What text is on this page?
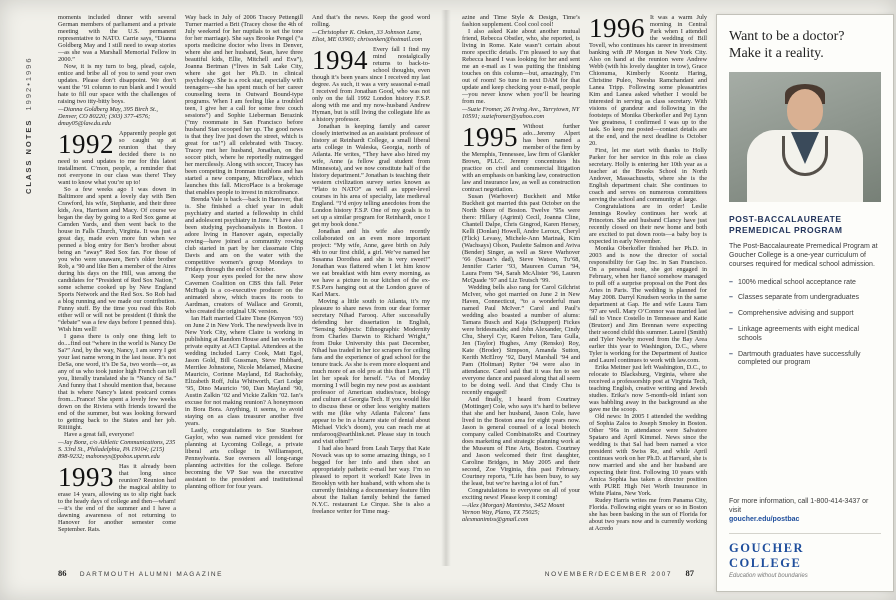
CLASS NOTES  1992•1996

moments included dinner with several German members of parliament and a private meeting with the U.S. permanent representative to NATO. Carrie says, “Dianna Goldberg May and I still need to swap stories—as she was a Marshall Memorial Fellow in 2000.”

Now, it is my turn to beg, plead, cajole, entice and bribe all of you to send your own updates. Please don’t disappoint. We don’t want the ’91 column to run blank and I would hate to fill our space with the challenges of raising two itty-bitty boys.

—Dianna Goldberg May, 395 Birch St., Denver, CO 80220; (303) 377-4576; dmay05@law.du.edu

1992 Apparently people got so caught up at reunion that they decided there is no need to send updates to me for this latest installment. C’mon, people, a reminder that not everyone in our class was there! They want to know what you’re up to!

So a few weeks ago I was down in Baltimore and spent a lovely day with Ben Crawford, his wife, Stephanie, and their three kids, Ava, Harrison and Macy. Of course we began the day by going to a Red Sox game at Camden Yards, and then went back to the house in Falls Church, Virginia. It was just a great day, made even more fun when we penned a blog entry for Ben’s brother about being an “away” Red Sox fan. For those of you who were unaware, Ben’s older brother Rob, a ’90 and like Ben a member of the Aires during his days on the Hill, was among the candidates for “President of Red Sox Nation,” some scheme cooked up by New England Sports Network and the Red Sox. So Rob had a blog running and we made our contribution. Funny stuff. By the time you read this Rob either will or will not be president (I think the “debate” was a few days before I penned this). Wish him well!

I guess there is only one thing left to do....find out “where in the world is Nancy De Sa?” And, by the way, Nancy, I am sorry I got your last name wrong in the last issue. It’s not DeSa, one word, it’s De Sa, two words—or, as any of us who took junior high French can tell you, literally translated she is “Nancy of Sa.” And funny that I should mention that, because that is where Nancy’s latest postcard comes from....France! She spent a lovely few weeks down on the Riviera with friends toward the end of the summer, but was looking forward to getting back to the States and her job. Riiiiiight.

Have a great fall, everyone!

—Jay Bonz, c/o Athletic Communications, 235 S. 33rd St., Philadelphia, PA 19104; (215) 898-9232; mahoneys@pobox.upenn.edu

1993 Has it already been that long since reunion? Reunion had the magical ability to erase 14 years, allowing us to slip right back to the heady days of college and then—wham!—it’s the end of the summer and I have a dawning awareness of not returning to Hanover for another semester come September. Rats.

Way back in July of 2006 Tracey Pettengill Turner married a Brit (Tracey chose the 4th of July weekend for her nuptials to set the tone for her marriage). She says Brooke Pengel (“a sports medicine doctor who lives in Denver, where she and her husband, Sean, have three beautiful kids, Ellie, Mitchell and Eva”), Joanna Bertman (“lives in Salt Lake City, where she got her Ph.D. in clinical psychology. She is a rock star, especially with teenagers—she has spent much of her career counseling teens in Outward Bound-type programs. When I am feeling like a troubled teen, I give her a call for some free couch sessions”) and Sophie Lieberman Berazink (“my roommate in San Francisco before husband Stan scooped her up. The good news is that they live just down the street, which is great for us!”) all celebrated with Tracey. Tracey met her husband, Jonathan, on the soccer pitch, where he reportedly nutmegged her mercilessly. Along with soccer, Tracey has been competing in Ironman triathlons and has started a new company, MicroPlace, which launches this fall. MicroPlace is a brokerage that enables people to invest in microfinance.

Brenda Vale is back—back in Hanover, that is. She finished a chief year in adult psychiatry and started a fellowship in child and adolescent psychiatry in June. “I have also been studying psychoanalysis in Boston. I adore living in Hanover again, especially rowing—have joined a community rowing club started in part by her classmate Chip Davis and am on the water with the competitive women’s group Mondays to Fridays through the end of October.

Keep your eyes peeled for the new show Cavemen Coalition on CBS this fall. Peter McHugh is a co-executive producer on the animated show, which traces its roots to Aardman, creators of Wallace and Gromit, who created the original UK version.

Ian Haft married Claire Tisne (Kenyon ’93) on June 2 in New York. The newlyweds live in New York City, where Claire is working in publishing at Random House and Ian works in private equity at ACI Capital. Attendees at the wedding included Larry Cook, Matt Egol, Jason Gold, Bill Gussman, Steve Hubbard, Merrilee Johnstone, Nicole Melamed, Maxine Mauricio, Corinne Mayland, Ed Rachofsky, Elizabeth Roff, Julia Whitworth, Cari Lodge ’95, Dino Mauricio ’90, Dan Mayland ’90, Austin Zalkin ’02 and Vickie Zalkin ’02. Ian’s excuse for not making reunion? A honeymoon in Bora Bora. Anything, it seems, to avoid staying on as class treasurer another five years.

Lastly, congratulations to Sue Stuebner Gaylor, who was named vice president for planning at Lycoming College, a private liberal arts college in Williamsport, Pennsylvania. Sue oversees all long-range planning activities for the college. Before becoming the VP Sue was the executive assistant to the president and institutional planning officer for four years.

And that’s the news. Keep the good word rolling.

—Christopher K. Onken, 33 Johnson Lane, Eliot, ME 03903; chrisonken@hotmail.com

1994 Every fall I find my mind nostalgically returns to back-to-school thoughts, even though it’s been years since I received my last degree. As such, it was a very seasonal e-mail I received from Jonathan Good, who was not only on the fall 1992 London history F.S.P. along with me and my now-husband Andrew Hyman, but is still living the collegiate life as a history professor.

Jonathan is keeping family and career closely intertwined as an assistant professor of history at Reinhardt College, a small liberal arts college in Waleska, Georgia, north of Atlanta. He writes, “They have also hired my wife, Anne (a fellow grad student from Minnesota), and we now constitute half of the history department.” Jonathan is teaching their western civilization survey series known as “Plato to NATO” as well as upper-level courses in his area of specialty, late medieval England. “I’d enjoy telling anecdotes from the London history F.S.P. One of my goals is to set up a similar program for Reinhardt, once I get my book done.”

Jonathan and his wife also recently collaborated on an even more important project: “My wife, Anne, gave birth on July 4th to our first child, a girl. We’ve named her Susanna Dorothea and she is very sweet!” Jonathan was flattered when I let him know we eat breakfast with him every morning, as we have a picture in our kitchen of the ex-F.S.P.ers hanging out at the London grave of Karl Marx.

Moving a little south to Atlanta, it’s my pleasure to share news from our dear former secretary Nihad Farooq. After successfully defending her dissertation in English, “Sensing Subjects: Ethnographic Modernity from Charles Darwin to Richard Wright,” from Duke University this past December, Nihad has traded in her ice scrapers for ceiling fans and the experience of grad school for the tenure track. As she is even more eloquent and much more of an old pro at this than I am, I’ll let her speak for herself. “As of Monday morning I will begin my new post as assistant professor of American studies/race, biology and culture at Georgia Tech. If you would like to discuss these or other less weighty matters with me (like why Atlanta Falcons’ fans appear to be in a bizarre state of denial about Michael Vick’s doom), you can reach me at nmfarooq@earthlink.net. Please stay in touch and visit often!”

I had also heard from Leah Tarpy that Kate Novack was up to some amazing things, so I begged for her info and then shot an appropriately pathetic e-mail her way. I’m so pleased to report it worked! Kate lives in Brooklyn with her husband, with whom she is currently finishing a documentary feature film about the Italian family behind the famed N.Y.C. restaurant Le Cirque. She is also a freelance writer for Time mag-

azine and Time Style & Design, Time’s fashion supplement. Cool cool cool!

I also asked Kate about another mutual friend, Rebecca Obstler, who, she reported, is living in Rome. Kate wasn’t certain about more specific details. I’m pleased to say that Rebecca heard I was looking for her and sent me an e-mail as I was putting the finishing touches on this column—but, amazingly, I’m out of room! So tune in next DAM for that update and keep checking your e-mail, people—you never know when you’ll be hearing from me.

—Suzie Fromer, 26 Irving Ave., Tarrytown, NY 10591; suziefromer@yahoo.com

1995 Without further ado...Jeremy Alpert has been named a member of the firm by the Memphis, Tennessee, law firm of Glankler Brown, PLLC. Jeremy concentrates his practice on civil and commercial litigation with an emphasis on banking law, construction law and insurance law, as well as construction contract negotiation.

Susan (Warhover) Buckheit and Mike Buckheit got married this past October on the North Shore of Boston. Twelve ’95s were there: Hillary (Agrimi) Cecil, Joanna Cline, Chantell Dalpe, Chris Gingrod, Karen Hersey, Kelli (Donlan) Howell, Andre Leroux, Cheryl (Flick) Levasy, Michele-Ann Marinak, Kim (Wachsays) Olson, Paulette Salmon and Aviva (Bender) Singer, as well as Steve Warhover ’66 (Susan’s dad), Steve Watson, Tu’68, Jennifer Carter ’93, Maureen Curran ’94, Laura Frem ’94, Sarah McAlister ’96, Lauren McQuade ’97 and Liz Teutsch ’99.

Wedding bells also rang for Carol Gilchrist McIver, who got married on June 2 in New Haven, Connecticut, “to a wonderful man named Paul McIver.” Carol and Paul’s wedding also boasted a number of alums: Tamara Busch and Kaja (Schuppert) Fickes were bridesmaids; and John Alexander, Cindy Chu, Sheryl Cyr, Karen Felton, Tara Gulla, Jen (Taylor) Hughes, Amy (Rensko) Roy, Kate (Broder) Simpson, Amanda Sutton, Kerith McElroy ’92, Daryl Marshall ’94 and Pam (Holtman) Rytter ’94 were also in attendance. Carol said that it was fun to see everyone dance and passed along that all seem to be doing well. And that Cindy Chu is recently engaged!

And finally, I heard from Courtney (Mottinger) Cole, who says it’s hard to believe that she and her husband, Jason Cole, have lived in the Boston area for eight years now. Jason is general counsel of a local biotech company called CombinatoRx and Courtney does marketing and strategic planning work at the Museum of Fine Arts, Boston. Courtney and Jason welcomed their first daughter, Caroline Bridges, in May 2005 and their second, Zoe Virginia, this past February. Courtney reports, “Life has been busy, to say the least, but we’re having a lot of fun.”

Congratulations to everyone on all of your exciting news! Please keep it coming!

—Alex (Morgan) Manimiss, 3452 Mount Vernon Way, Plano, TX 75025; alexmanimiss@gmail.com

1996 It was a warm July morning in Central Park when I attended the wedding of Bill Tovell, who continues his career in investment banking with JP Morgan in New York City. Also on hand at the reunion were Andrew Webb (with his lovely daughter in tow), Grace Chionuma, Kimberly Koontz Haring, Christine Puleo, Neesha Ramchandani and Lanea Tripp. Following some pleasantries Kim and Lanea asked whether I would be interested in serving as class secretary. With visions of grandeur and following in the footsteps of Monika Oberkofler and Pej Lynn Yee greatness, I confirmed I was up to the task. So keep me posted—contact details are at the end, and the next deadline is October 20.

First, let me start with thanks to Holly Parker for her service in this role as class secretary. Holly is entering her 10th year as a teacher at the Brooks School in North Andover, Massachusetts, where she is the English department chair. She continues to coach and serves on numerous committees serving the school and community at large.

Congratulations are in order! Leslie Jennings Rowley continues her work at Princeton. She and husband Clancy have just recently closed on their new home and both are excited to put down roots—a baby boy is expected in early November.

Monika Oberkofler finished her Ph.D. in 2003 and is now the director of social responsibility for Gap Inc. in San Francisco. On a personal note, she got engaged in February, when her fiancé somehow managed to pull off a surprise proposal on the Pont des Artes in Paris. The wedding is planned for May 2008. Darryl Knudsen works in the same department at Gap. He and wife Laura Tam ’97 are well. Mary O’Connor was married last fall to Vince Costello in Tennessee and Katie (Brutzer) and Jim Brennan were expecting their second child this summer. Laurel (Smith) and Tyler Newby moved from the Bay Area earlier this year to Washington, D.C., where Tyler is working for the Department of Justice and Laurel continues to work with law.com.

Erika Meitner just left Washington, D.C., to relocate to Blacksburg, Virginia, where she received a professorship post at Virginia Tech, teaching English, creative writing and Jewish studies. Erika’s now 5-month-old infant son was babbling away in the background as she gave me the scoop.

Old news: In 2005 I attended the wedding of Sophia Zalos to Joseph Smoley in Boston. Other ’96s in attendance were Salvatore Spataro and April Kimmel. News since the wedding is that Sal had been named a vice president with Swiss Re, and while April continues work on her Ph.D. at Harvard, she is now married and she and her husband are expecting their first. Following 10 years with Amica Sophia has taken a director position with PURE High Net Worth Insurance in White Plains, New York.

Rudey Harris writes me from Panama City, Florida. Following eight years or so in Boston she has been basking in the sun of Florida for about two years now and is currently working at Acredo

Want to be a doctor?
Make it a reality.
POST-BACCALAUREATE PREMEDICAL PROGRAM

The Post-Baccalaureate Premedical Program at Goucher College is a one-year curriculum of courses required for medical school admission.

– 100% medical school acceptance rate
– Classes separate from undergraduates
– Comprehensive advising and support
– Linkage agreements with eight medical schools
– Dartmouth graduates have successfully completed our program
For more information, call 1-800-414-3437 or visit
goucher.edu/postbac
GOUCHER COLLEGE
Education without boundaries
86 DARTMOUTH ALUMNI MAGAZINE	NOVEMBER/DECEMBER 2007 87
